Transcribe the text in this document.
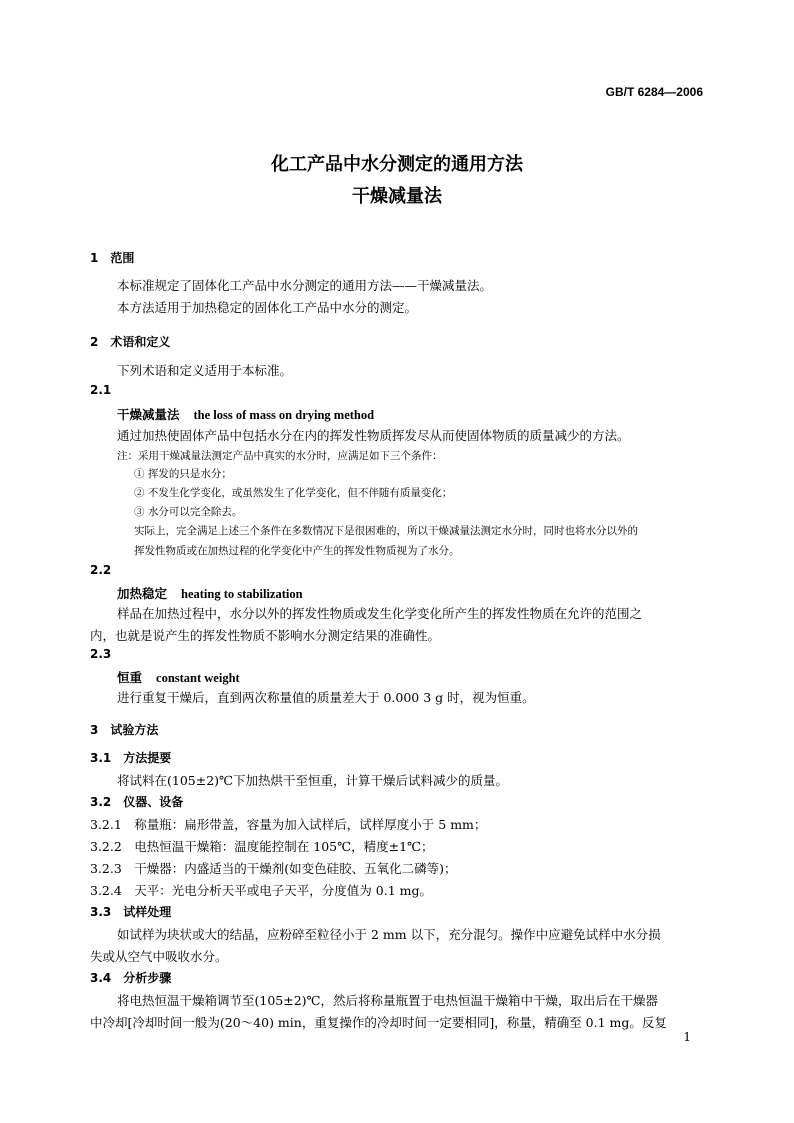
GB/T 6284—2006
化工产品中水分测定的通用方法
干燥减量法
1　范围
本标准规定了固体化工产品中水分测定的通用方法——干燥减量法。
本方法适用于加热稳定的固体化工产品中水分的测定。
2　术语和定义
下列术语和定义适用于本标准。
2.1
干燥减量法 the loss of mass on drying method
通过加热使固体产品中包括水分在内的挥发性物质挥发尽从而使固体物质的质量减少的方法。
注：采用干燥减量法测定产品中真实的水分时，应满足如下三个条件：
① 挥发的只是水分；
② 不发生化学变化，或虽然发生了化学变化，但不伴随有质量变化；
③ 水分可以完全除去。
实际上，完全满足上述三个条件在多数情况下是很困难的，所以干燥减量法测定水分时，同时也将水分以外的
挥发性物质或在加热过程的化学变化中产生的挥发性物质视为了水分。
2.2
加热稳定 heating to stabilization
样品在加热过程中，水分以外的挥发性物质或发生化学变化所产生的挥发性物质在允许的范围之
内，也就是说产生的挥发性物质不影响水分测定结果的准确性。
2.3
恒重 constant weight
进行重复干燥后，直到两次称量值的质量差大于 0.000 3 g 时，视为恒重。
3　试验方法
3.1　方法提要
将试料在(105±2)℃下加热烘干至恒重，计算干燥后试料减少的质量。
3.2　仪器、设备
3.2.1　称量瓶：扁形带盖，容量为加入试样后，试样厚度小于 5 mm；
3.2.2　电热恒温干燥箱：温度能控制在 105℃，精度±1℃；
3.2.3　干燥器：内盛适当的干燥剂(如变色硅胶、五氧化二磷等)；
3.2.4　天平：光电分析天平或电子天平，分度值为 0.1 mg。
3.3　试样处理
如试样为块状或大的结晶，应粉碎至粒径小于 2 mm 以下，充分混匀。操作中应避免试样中水分损
失或从空气中吸收水分。
3.4　分析步骤
将电热恒温干燥箱调节至(105±2)℃，然后将称量瓶置于电热恒温干燥箱中干燥，取出后在干燥器
中冷却[冷却时间一般为(20～40) min，重复操作的冷却时间一定要相同]，称量，精确至 0.1 mg。反复
1
